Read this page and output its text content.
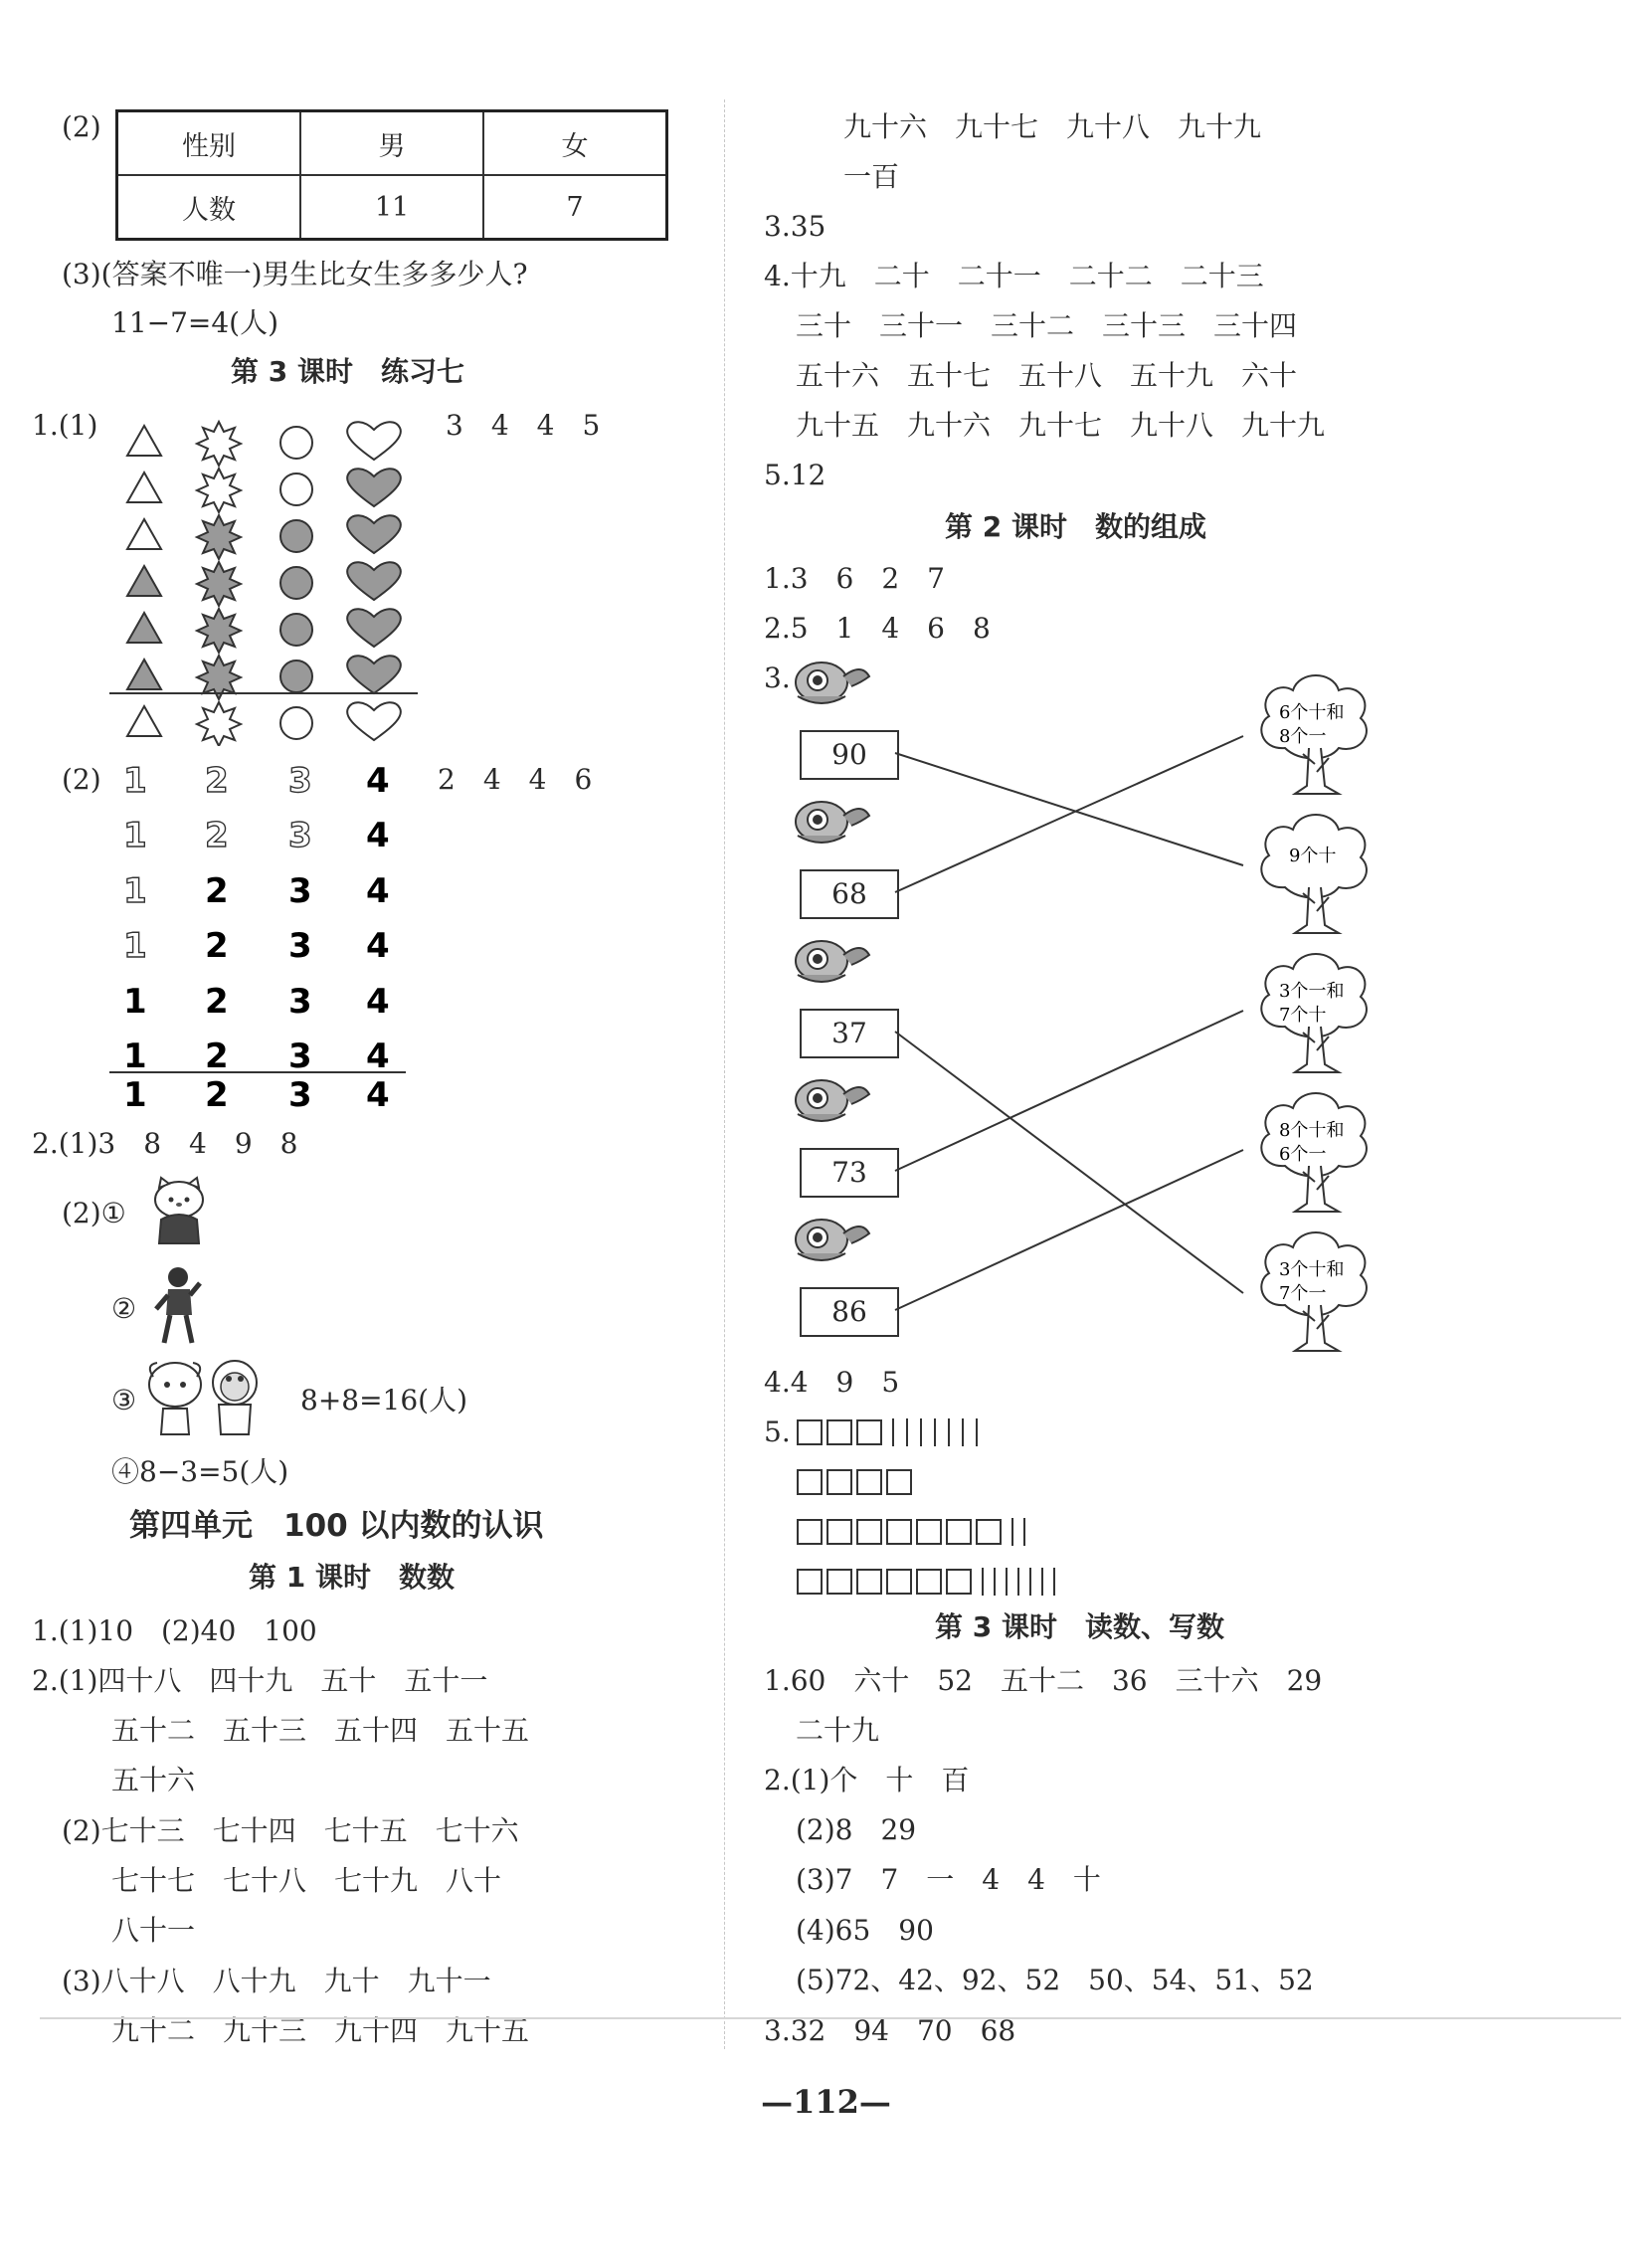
(2)
性别	男	女
人数	11	7
(3)(答案不唯一)男生比女生多多少人?
11−7=4(人)
第 3 课时　练习七
1.(1)	3　4　4　5
(2)	2　4　4　6
1 2 3 4
1 2 3 4
1 2 3 4
1 2 3 4
1 2 3 4
1 2 3 4
1 2 3 4
2.(1)3　8　4　9　8
(2)①
②
③	8+8=16(人)
④8−3=5(人)
第四单元　100 以内数的认识
第 1 课时　数数
1.(1)10　(2)40　100
2.(1)四十八　四十九　五十　五十一
五十二　五十三　五十四　五十五
五十六
(2)七十三　七十四　七十五　七十六
七十七　七十八　七十九　八十
八十一
(3)八十八　八十九　九十　九十一
九十二　九十三　九十四　九十五
九十六　九十七　九十八　九十九
一百
3.35
4.十九　二十　二十一　二十二　二十三
三十　三十一　三十二　三十三　三十四
五十六　五十七　五十八　五十九　六十
九十五　九十六　九十七　九十八　九十九
5.12
第 2 课时　数的组成
1.3　6　2　7
2.5　1　4　6　8
3.
6个十和
8个一
9个十
3个一和
7个十
8个十和
6个一
3个十和
7个一
90
68
37
73
86
4.4　9　5
5.
第 3 课时　读数、写数
1.60　六十　52　五十二　36　三十六　29
二十九
2.(1)个　十　百
(2)8　29
(3)7　7　一　4　4　十
(4)65　90
(5)72、42、92、52　50、54、51、52
3.32　94　70　68
—112—
